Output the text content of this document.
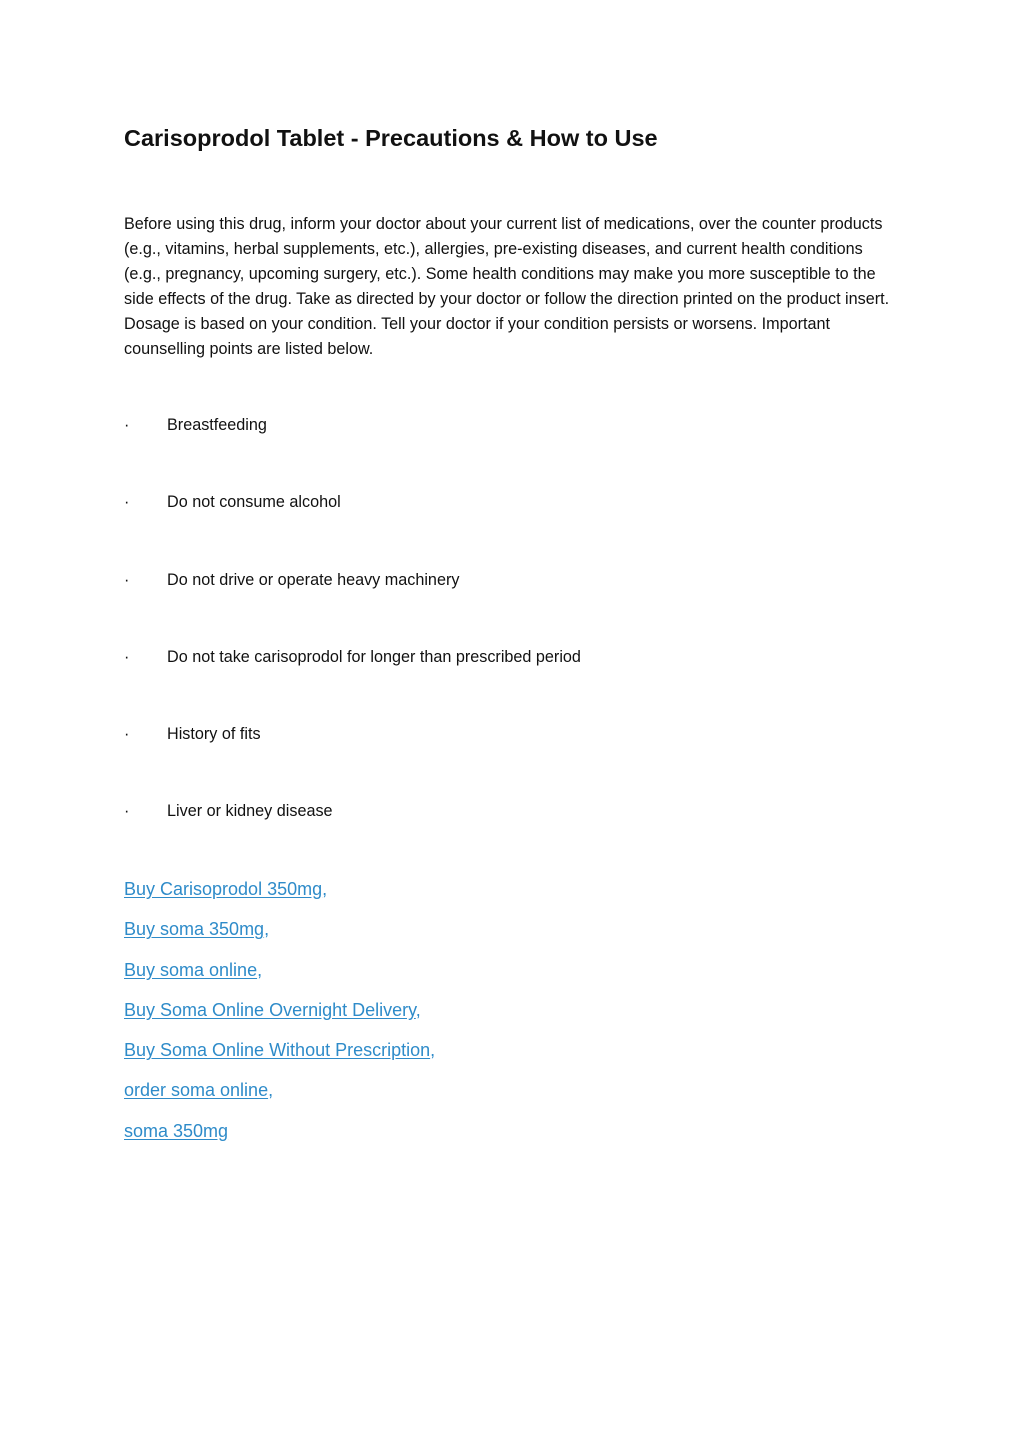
Carisoprodol Tablet - Precautions & How to Use

Before using this drug, inform your doctor about your current list of medications, over the counter products (e.g., vitamins, herbal supplements, etc.), allergies, pre-existing diseases, and current health conditions (e.g., pregnancy, upcoming surgery, etc.). Some health conditions may make you more susceptible to the side effects of the drug. Take as directed by your doctor or follow the direction printed on the product insert. Dosage is based on your condition. Tell your doctor if your condition persists or worsens. Important counselling points are listed below.

·	Breastfeeding
·	Do not consume alcohol
·	Do not drive or operate heavy machinery
·	Do not take carisoprodol for longer than prescribed period
·	History of fits
·	Liver or kidney disease
Buy Carisoprodol 350mg,
Buy soma 350mg,
Buy soma online,
Buy Soma Online Overnight Delivery,
Buy Soma Online Without Prescription,
order soma online,
soma 350mg
